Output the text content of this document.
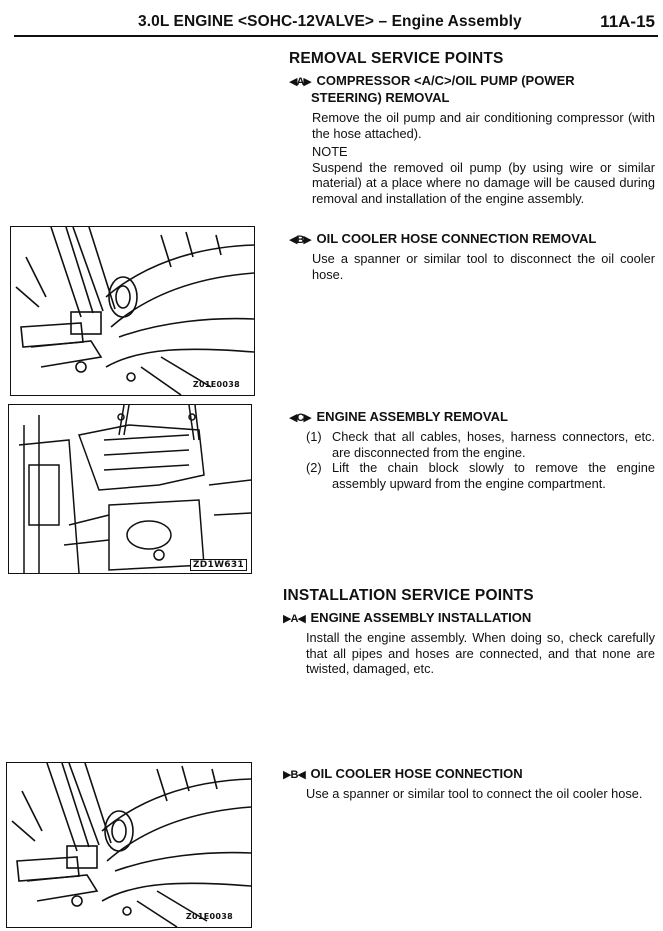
3.0L ENGINE <SOHC-12VALVE> – Engine Assembly	11A-15
REMOVAL SERVICE POINTS
◀A▶ COMPRESSOR <A/C>/OIL PUMP (POWER
STEERING) REMOVAL

Remove the oil pump and air conditioning compressor (with the hose attached).

NOTE

Suspend the removed oil pump (by using wire or similar material) at a place where no damage will be caused during removal and installation of the engine assembly.

◀B▶ OIL COOLER HOSE CONNECTION REMOVAL
Use a spanner or similar tool to disconnect the oil cooler hose.
◀C▶ ENGINE ASSEMBLY REMOVAL
(1) Check that all cables, hoses, harness connectors, etc. are disconnected from the engine.
(2) Lift the chain block slowly to remove the engine assembly upward from the engine compartment.
INSTALLATION SERVICE POINTS
▶A◀ ENGINE ASSEMBLY INSTALLATION
Install the engine assembly. When doing so, check carefully that all pipes and hoses are connected, and that none are twisted, damaged, etc.
▶B◀ OIL COOLER HOSE CONNECTION
Use a spanner or similar tool to connect the oil cooler hose.
Z01E0038
ZD1W631
Z01E0038
